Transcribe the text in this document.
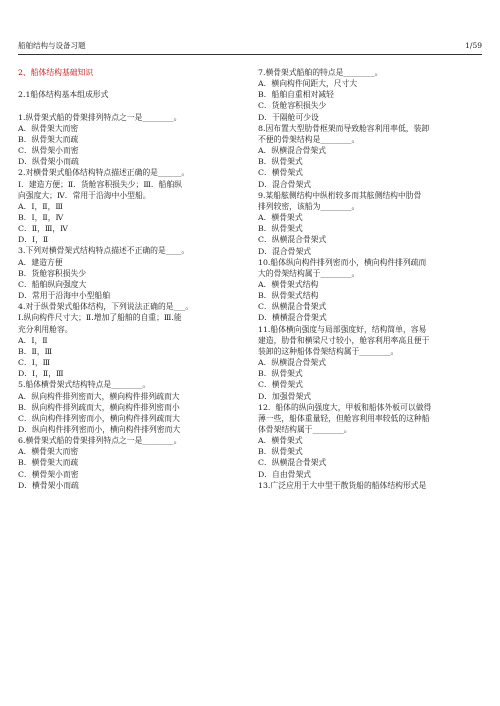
船舶结构与设备习题	1/59
2、船体结构基础知识
2.1船体结构基本组成形式
1.纵骨架式船的骨架排列特点之一是________。
A．纵骨架大而密
B．纵骨架大而疏
C．纵骨架小而密
D．纵骨架小而疏
2.对横骨架式船体结构特点描述正确的是______。
Ⅰ．建造方便；Ⅱ．货舱容积损失少；Ⅲ．船舶纵
向强度大；Ⅳ．常用于沿海中小型船。
A．Ⅰ，Ⅱ，Ⅲ
B．Ⅰ，Ⅱ，Ⅳ
C．Ⅱ，Ⅲ，Ⅳ
D．Ⅰ，Ⅱ
3.下列对横骨架式结构特点描述不正确的是____。
A．建造方便
B．货舱容积损失少
C．船舶纵向强度大
D．常用于沿海中小型船舶
4.对于纵骨架式船体结构，下列说法正确的是___。
Ⅰ.纵向构件尺寸大；Ⅱ.增加了船舶的自重；Ⅲ.能
充分利用舱容。
A．Ⅰ，Ⅱ
B．Ⅱ，Ⅲ
C．Ⅰ，Ⅲ
D．Ⅰ，Ⅱ，Ⅲ
5.船体横骨架式结构特点是________。
A．纵向构件排列密而大，横向构件排列疏而大
B．纵向构件排列疏而大，横向构件排列密而小
C．纵向构件排列密而小，横向构件排列疏而大
D．纵向构件排列密而小，横向构件排列密而大
6.横骨架式船的骨架排列特点之一是________。
A．横骨架大而密
B．横骨架大而疏
C．横骨架小而密
D．横骨架小而疏
7.横骨架式船舶的特点是________。
A．横向构件间距大，尺寸大
B．船舶自重相对减轻
C．货舱容积损失少
D．干隔舱可少设
8.因布置大型肋骨框架而导致舱容利用率低，装卸
不便的骨架结构是________。
A．纵横混合骨架式
B．纵骨架式
C．横骨架式
D．混合骨架式
9.某船舷侧结构中纵桁较多而其舷侧结构中肋骨
排列较密，该船为________。
A．横骨架式
B．纵骨架式
C．纵横混合骨架式
D．混合骨架式
10.船体纵向构件排列密而小，横向构件排列疏而
大的骨架结构属于________。
A．横骨架式结构
B．纵骨架式结构
C．纵横混合骨架式
D．横横混合骨架式
11.船体横向强度与局部强度好，结构简单，容易
建造，肋骨和横梁尺寸较小，舱容利用率高且便于
装卸的这种船体骨架结构属于________。
A．纵横混合骨架式
B．纵骨架式
C．横骨架式
D．加强骨架式
12.  船体的纵向强度大，甲板和船体外板可以做得
薄一些，船体重量轻，但舱容利用率较低的这种船
体骨架结构属于________。
A．横骨架式
B．纵骨架式
C．纵横混合骨架式
D．自由骨架式
13.广泛应用于大中型干散货船的船体结构形式是
